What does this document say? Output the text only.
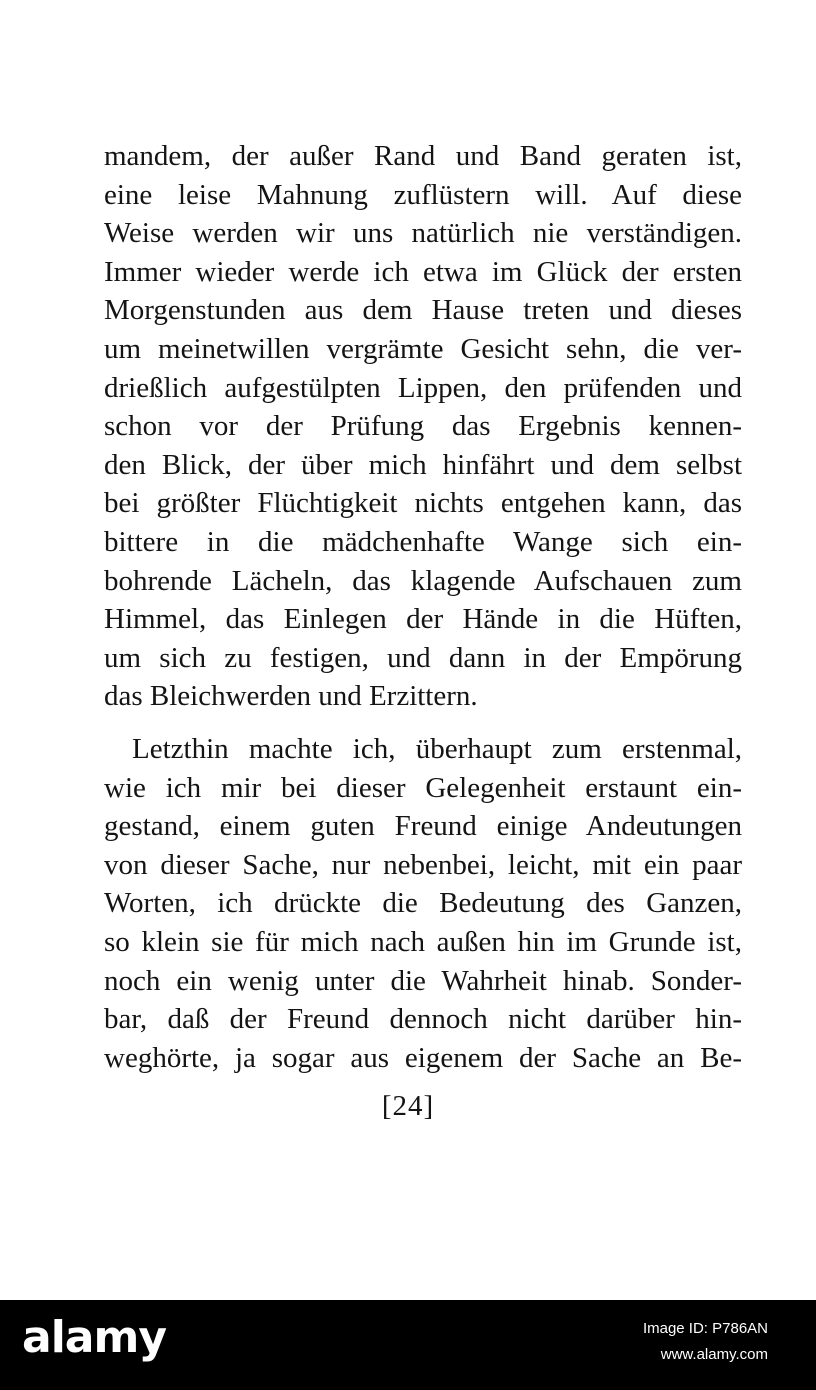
mandem, der außer Rand und Band geraten ist,
eine leise Mahnung zuflüstern will. Auf diese
Weise werden wir uns natürlich nie verständigen.
Immer wieder werde ich etwa im Glück der ersten
Morgenstunden aus dem Hause treten und dieses
um meinetwillen vergrämte Gesicht sehn, die ver-
drießlich aufgestülpten Lippen, den prüfenden und
schon vor der Prüfung das Ergebnis kennen-
den Blick, der über mich hinfährt und dem selbst
bei größter Flüchtigkeit nichts entgehen kann, das
bittere in die mädchenhafte Wange sich ein-
bohrende Lächeln, das klagende Aufschauen zum
Himmel, das Einlegen der Hände in die Hüften,
um sich zu festigen, und dann in der Empörung
das Bleichwerden und Erzittern.
Letzthin machte ich, überhaupt zum erstenmal,
wie ich mir bei dieser Gelegenheit erstaunt ein-
gestand, einem guten Freund einige Andeutungen
von dieser Sache, nur nebenbei, leicht, mit ein paar
Worten, ich drückte die Bedeutung des Ganzen,
so klein sie für mich nach außen hin im Grunde ist,
noch ein wenig unter die Wahrheit hinab. Sonder-
bar, daß der Freund dennoch nicht darüber hin-
weghörte, ja sogar aus eigenem der Sache an Be-
[24]
alamy	Image ID: P786AN
www.alamy.com
